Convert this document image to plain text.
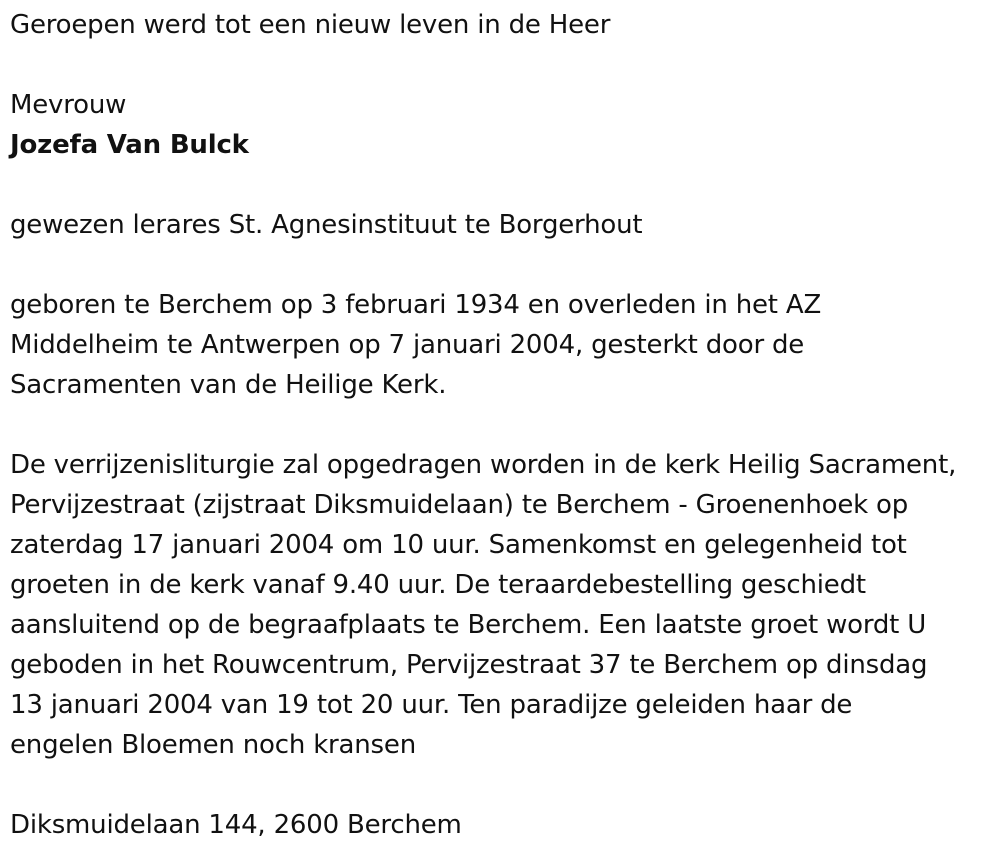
Geroepen werd tot een nieuw leven in de Heer

Mevrouw

Jozefa Van Bulck

gewezen lerares St. Agnesinstituut te Borgerhout

geboren te Berchem op 3 februari 1934 en overleden in het AZ

Middelheim te Antwerpen op 7 januari 2004, gesterkt door de

Sacramenten van de Heilige Kerk.

De verrijzenisliturgie zal opgedragen worden in de kerk Heilig Sacrament,

Pervijzestraat (zijstraat Diksmuidelaan) te Berchem - Groenenhoek op

zaterdag 17 januari 2004 om 10 uur. Samenkomst en gelegenheid tot

groeten in de kerk vanaf 9.40 uur. De teraardebestelling geschiedt

aansluitend op de begraafplaats te Berchem. Een laatste groet wordt U

geboden in het Rouwcentrum, Pervijzestraat 37 te Berchem op dinsdag

13 januari 2004 van 19 tot 20 uur. Ten paradijze geleiden haar de

engelen Bloemen noch kransen

Diksmuidelaan 144, 2600 Berchem
